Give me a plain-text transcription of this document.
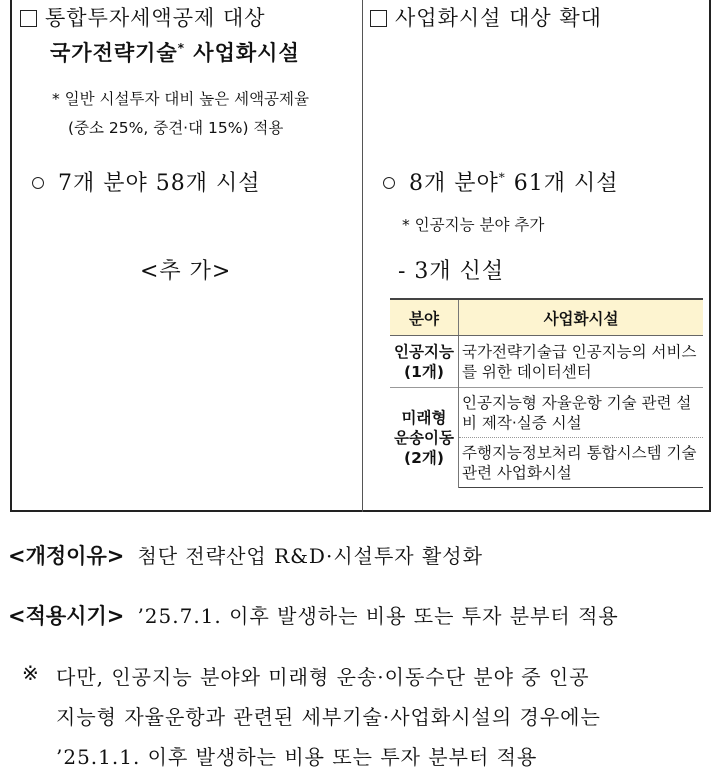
통합투자세액공제 대상
국가전략기술* 사업화시설
* 일반 시설투자 대비 높은 세액공제율
(중소 25%, 중견·대 15%) 적용
7개 분야 58개 시설
<추 가>
사업화시설 대상 확대
8개 분야* 61개 시설
* 인공지능 분야 추가
- 3개 신설
분야	사업화시설
인공지능
(1개)	국가전략기술급 인공지능의 서비스를 위한 데이터센터
미래형
운송이동
(2개)	인공지능형 자율운항 기술 관련 설비 제작·실증 시설
	주행지능정보처리 통합시스템 기술 관련 사업화시설
<개정이유> 첨단 전략산업 R&D·시설투자 활성화
<적용시기> ’25.7.1. 이후 발생하는 비용 또는 투자 분부터 적용
※ 다만, 인공지능 분야와 미래형 운송·이동수단 분야 중 인공
지능형 자율운항과 관련된 세부기술·사업화시설의 경우에는
’25.1.1. 이후 발생하는 비용 또는 투자 분부터 적용
